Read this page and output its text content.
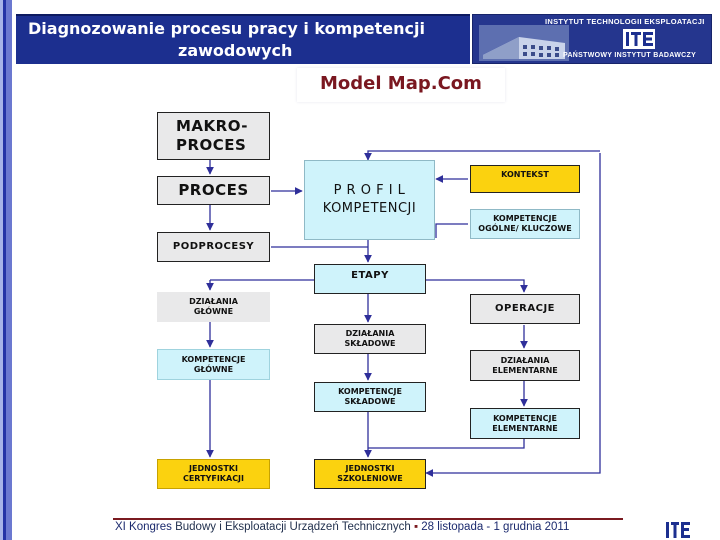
Diagnozowanie procesu pracy i kompetencji
zawodowych
INSTYTUT TECHNOLOGII EKSPLOATACJI
PAŃSTWOWY INSTYTUT BADAWCZY
Model Map.Com
MAKRO-
PROCES
PROCES
PODPROCESY
P R O F I L
KOMPETENCJI
KONTEKST
KOMPETENCJE
OGÓLNE/ KLUCZOWE
ETAPY
OPERACJE
DZIAŁANIA
GŁÓWNE
DZIAŁANIA
SKŁADOWE
DZIAŁANIA
ELEMENTARNE
KOMPETENCJE
GŁÓWNE
KOMPETENCJE
SKŁADOWE
KOMPETENCJE
ELEMENTARNE
JEDNOSTKI
CERTYFIKACJI
JEDNOSTKI
SZKOLENIOWE
XI Kongres Budowy i Eksploatacji Urządzeń Technicznych ▪ 28 listopada - 1 grudnia 2011
